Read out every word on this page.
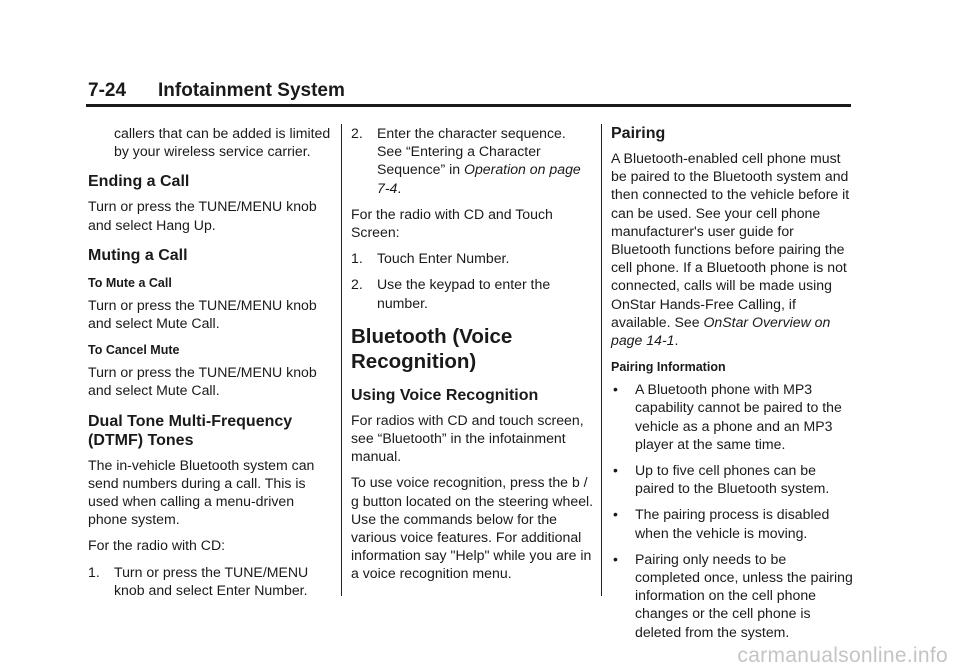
7-24 Infotainment System

callers that can be added is limited by your wireless service carrier.

Ending a Call

Turn or press the TUNE/MENU knob and select Hang Up.

Muting a Call
To Mute a Call

Turn or press the TUNE/MENU knob and select Mute Call.

To Cancel Mute

Turn or press the TUNE/MENU knob and select Mute Call.

Dual Tone Multi-Frequency (DTMF) Tones

The in-vehicle Bluetooth system can send numbers during a call. This is used when calling a menu-driven phone system.

For the radio with CD:

1.	Turn or press the TUNE/MENU knob and select Enter Number.
2.	Enter the character sequence. See “Entering a Character Sequence” in Operation on page 7-4.

For the radio with CD and Touch Screen:

1.	Touch Enter Number.
2.	Use the keypad to enter the number.
Bluetooth (Voice Recognition)
Using Voice Recognition

For radios with CD and touch screen, see “Bluetooth” in the infotainment manual.

To use voice recognition, press the b / g button located on the steering wheel. Use the commands below for the various voice features. For additional information say "Help" while you are in a voice recognition menu.

Pairing

A Bluetooth-enabled cell phone must be paired to the Bluetooth system and then connected to the vehicle before it can be used. See your cell phone manufacturer's user guide for Bluetooth functions before pairing the cell phone. If a Bluetooth phone is not connected, calls will be made using OnStar Hands-Free Calling, if available. See OnStar Overview on page 14-1.

Pairing Information
•	A Bluetooth phone with MP3 capability cannot be paired to the vehicle as a phone and an MP3 player at the same time.
•	Up to five cell phones can be paired to the Bluetooth system.
•	The pairing process is disabled when the vehicle is moving.
•	Pairing only needs to be completed once, unless the pairing information on the cell phone changes or the cell phone is deleted from the system.
carmanualsonline.info
